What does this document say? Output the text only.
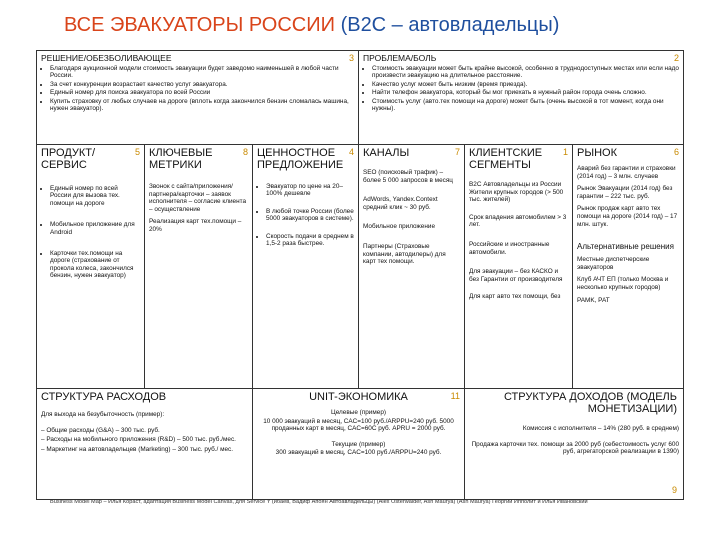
ВСЕ ЭВАКУАТОРЫ РОССИИ (B2C – автовладельцы)
3
РЕШЕНИЕ/ОБЕЗБОЛИВАЮЩЕЕ
• Благодаря аукционной модели стоимость эвакуации будет заведомо наименьшей в любой части России.
• За счет конкуренции возрастает качество услуг эвакуатора.
• Единый номер для поиска эвакуатора по всей России
• Купить страховку от любых случаев на дороге (вплоть когда закончился бензин сломалась машина, нужен эвакуатор).
2
ПРОБЛЕМА/БОЛЬ
• Стоимость эвакуации может быть крайне высокой, особенно в труднодоступных местах или если надо произвести эвакуацию на длительное расстояние.
• Качество услуг может быть низким (время приезда).
• Найти телефон эвакуатора, который бы мог приехать в нужный район города очень сложно.
• Стоимость услуг (авто.тех помощи на дороге) может быть (очень высокой в тот момент, когда они нужны).
5
ПРОДУКТ/ СЕРВИС
• Единый номер по всей России для вызова тех. помощи на дороге
• Мобильное приложение для Android
• Карточки тех.помощи на дороге (страхование от прокола колеса, закончился бензин, нужен эвакуатор)
8
КЛЮЧЕВЫЕ МЕТРИКИ

Звонок с сайта/приложения/ партнера/карточки – заявок исполнителя – согласие клиента – осуществление

Реализация карт тех.помощи – 20%

4
ЦЕННОСТНОЕ ПРЕДЛОЖЕНИЕ
• Эвакуатор по цене на 20–100% дешевле
• В любой точке России (более 5000 эвакуаторов в системе).
• Скорость подачи в среднем в 1,5-2 раза быстрее.
7
КАНАЛЫ

SEO (поисковый трафик) – более 5 000 запросов в месяц

AdWords, Yandex.Context средний клик ~ 30 руб.

Мобильное приложение

Партнеры (Страховые компании, автодилеры) для карт тех помощи.

1
КЛИЕНТСКИЕ СЕГМЕНТЫ

B2C Автовладельцы из России Жители крупных городов (> 500 тыс. жителей)

Срок владения автомобилем > 3 лет.

Российские и иностранные автомобили.

Для эвакуации – без КАСКО и без Гарантии от производителя

Для карт авто тех помощи, без

6
РЫНОК

Аварий без гарантии и страховки (2014 год) – 3 млн. случаев

Рынок Эвакуации (2014 год) без гарантии – 222 тыс. руб.

Рынок продаж карт авто тех помощи на дороге (2014 год) – 17 млн. штук.

Альтернативные решения

Местные диспетчерские эвакуаторов

Клуб АЧТ ЕП (только Москва и несколько крупных городов)

PAMK, PAT

СТРУКТУРА РАСХОДОВ

Для выхода на безубыточность (пример):

– Общие расходы (G&A) – 300 тыс. руб.

– Расходы на мобильного приложения (R&D) – 500 тыс. руб./мес.

– Маркетинг на автовладельцев (Marketing) – 300 тыс. руб./ мес.

11
UNIT-ЭКОНОМИКА

Целевые (пример)

10 000 эвакуаций в месяц, CAC=100 руб./ARPPU=240 руб. 5000 проданных карт в месяц, CAC=60С руб. APRU = 2000 руб.

Текущие (пример)

300 эвакуаций в месяц, CAC=100 руб./ARPPU=240 руб.

СТРУКТУРА ДОХОДОВ (МОДЕЛЬ МОНЕТИЗАЦИИ)

Комиссия с исполнителя – 14% (280 руб. в среднем)

Продажа карточки тех. помощи за 2000 руб (себестоимость услуг 600 руб, агрегаторской реализации в 1390)

9
Business Model Map – Илья Кораст, адаптация Business Model Canvas, для Service Y (ибаев, Вадиф Апоян Автоавладельцы) (Alex Osterwalder, Ash Maurya) (Ash Maurya) Георгий Ипполит и Илья Ивановский
